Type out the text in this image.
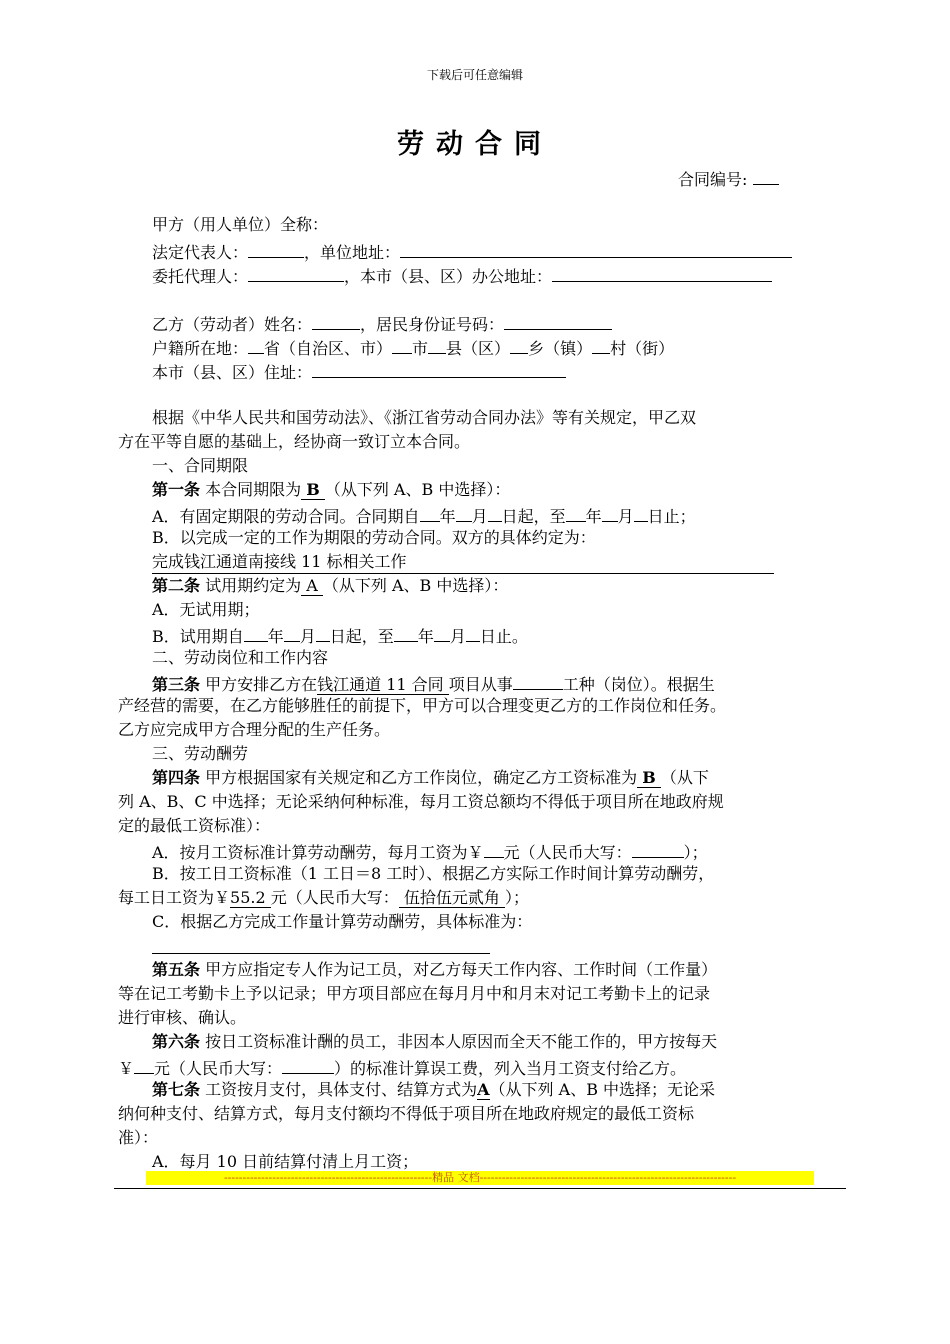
下载后可任意编辑
劳动合同
合同编号:
甲方（用人单位）全称：
法定代表人：	，单位地址：
委托代理人：	，本市（县、区）办公地址：
乙方（劳动者）姓名：	，居民身份证号码：
户籍所在地： 省（自治区、市） 市 县（区） 乡（镇） 村（街）
本市（县、区）住址：
根据《中华人民共和国劳动法》、《浙江省劳动合同办法》等有关规定，甲乙双
方在平等自愿的基础上，经协商一致订立本合同。
一、合同期限
第一条 本合同期限为 B （从下列 A、B 中选择）：
A．有固定期限的劳动合同。合同期自 年 月 日起，至 年 月 日止；
B．以完成一定的工作为期限的劳动合同。双方的具体约定为：
完成钱江通道南接线 11 标相关工作
第二条 试用期约定为 A （从下列 A、B 中选择）：
A．无试用期；
B．试用期自 年 月 日起，至 年 月 日止。
二、劳动岗位和工作内容
第三条 甲方安排乙方在钱江通道 11 合同 项目从事	工种（岗位）。根据生
产经营的需要，在乙方能够胜任的前提下，甲方可以合理变更乙方的工作岗位和任务。
乙方应完成甲方合理分配的生产任务。
三、劳动酬劳
第四条 甲方根据国家有关规定和乙方工作岗位，确定乙方工资标准为 B （从下
列 A、B、C 中选择；无论采纳何种标准，每月工资总额均不得低于项目所在地政府规
定的最低工资标准）：
A．按月工资标准计算劳动酬劳，每月工资为￥ 元（人民币大写：	）；
B．按工日工资标准（1 工日＝8 工时）、根据乙方实际工作时间计算劳动酬劳，
每工日工资为￥55.2 元（人民币大写： 伍拾伍元贰角 ）；
C．根据乙方完成工作量计算劳动酬劳，具体标准为：
第五条 甲方应指定专人作为记工员，对乙方每天工作内容、工作时间（工作量）
等在记工考勤卡上予以记录；甲方项目部应在每月月中和月末对记工考勤卡上的记录
进行审核、确认。
第六条 按日工资标准计酬的员工，非因本人原因而全天不能工作的，甲方按每天
￥ 元（人民币大写：	）的标准计算误工费，列入当月工资支付给乙方。
第七条 工资按月支付，具体支付、结算方式为A（从下列 A、B 中选择；无论采
纳何种支付、结算方式，每月支付额均不得低于项目所在地政府规定的最低工资标
准）：
A．每月 10 日前结算付清上月工资；
--------------------------------------------------------精品 文档---------------------------------------------------------------------
